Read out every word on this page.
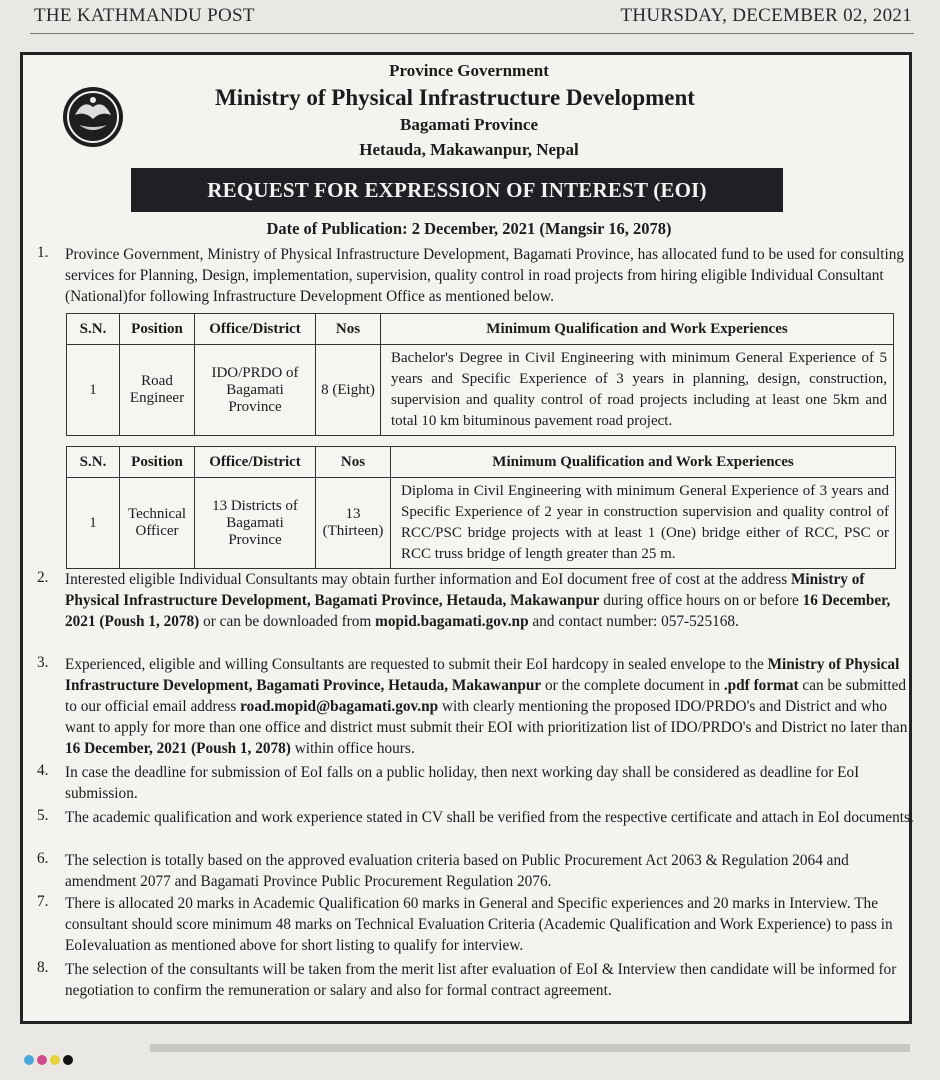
THE KATHMANDU POST	THURSDAY, DECEMBER 02, 2021
Province Government
Ministry of Physical Infrastructure Development
Bagamati Province
Hetauda, Makawanpur, Nepal
REQUEST FOR EXPRESSION OF INTEREST (EOI)
Date of Publication: 2 December, 2021 (Mangsir 16, 2078)
1. Province Government, Ministry of Physical Infrastructure Development, Bagamati Province, has allocated fund to be used for consulting services for Planning, Design, implementation, supervision, quality control in road projects from hiring eligible Individual Consultant (National)for following Infrastructure Development Office as mentioned below.
S.N.	Position	Office/District	Nos	Minimum Qualification and Work Experiences
1	Road Engineer	IDO/PRDO of Bagamati Province	8 (Eight)	Bachelor's Degree in Civil Engineering with minimum General Experience of 5 years and Specific Experience of 3 years in planning, design, construction, supervision and quality control of road projects including at least one 5km and total 10 km bituminous pavement road project.
S.N.	Position	Office/District	Nos	Minimum Qualification and Work Experiences
1	Technical Officer	13 Districts of Bagamati Province	13 (Thirteen)	Diploma in Civil Engineering with minimum General Experience of 3 years and Specific Experience of 2 year in construction supervision and quality control of RCC/PSC bridge projects with at least 1 (One) bridge either of RCC, PSC or RCC truss bridge of length greater than 25 m.
2. Interested eligible Individual Consultants may obtain further information and EoI document free of cost at the address Ministry of Physical Infrastructure Development, Bagamati Province, Hetauda, Makawanpur during office hours on or before 16 December, 2021 (Poush 1, 2078) or can be downloaded from mopid.bagamati.gov.np and contact number: 057-525168.
3. Experienced, eligible and willing Consultants are requested to submit their EoI hardcopy in sealed envelope to the Ministry of Physical Infrastructure Development, Bagamati Province, Hetauda, Makawanpur or the complete document in .pdf format can be submitted to our official email address road.mopid@bagamati.gov.np with clearly mentioning the proposed IDO/PRDO's and District and who want to apply for more than one office and district must submit their EOI with prioritization list of IDO/PRDO's and District no later than 16 December, 2021 (Poush 1, 2078) within office hours.
4. In case the deadline for submission of EoI falls on a public holiday, then next working day shall be considered as deadline for EoI submission.
5. The academic qualification and work experience stated in CV shall be verified from the respective certificate and attach in EoI documents.
6. The selection is totally based on the approved evaluation criteria based on Public Procurement Act 2063 & Regulation 2064 and amendment 2077 and Bagamati Province Public Procurement Regulation 2076.
7. There is allocated 20 marks in Academic Qualification 60 marks in General and Specific experiences and 20 marks in Interview. The consultant should score minimum 48 marks on Technical Evaluation Criteria (Academic Qualification and Work Experience) to pass in EoIevaluation as mentioned above for short listing to qualify for interview.
8. The selection of the consultants will be taken from the merit list after evaluation of EoI & Interview then candidate will be informed for negotiation to confirm the remuneration or salary and also for formal contract agreement.
